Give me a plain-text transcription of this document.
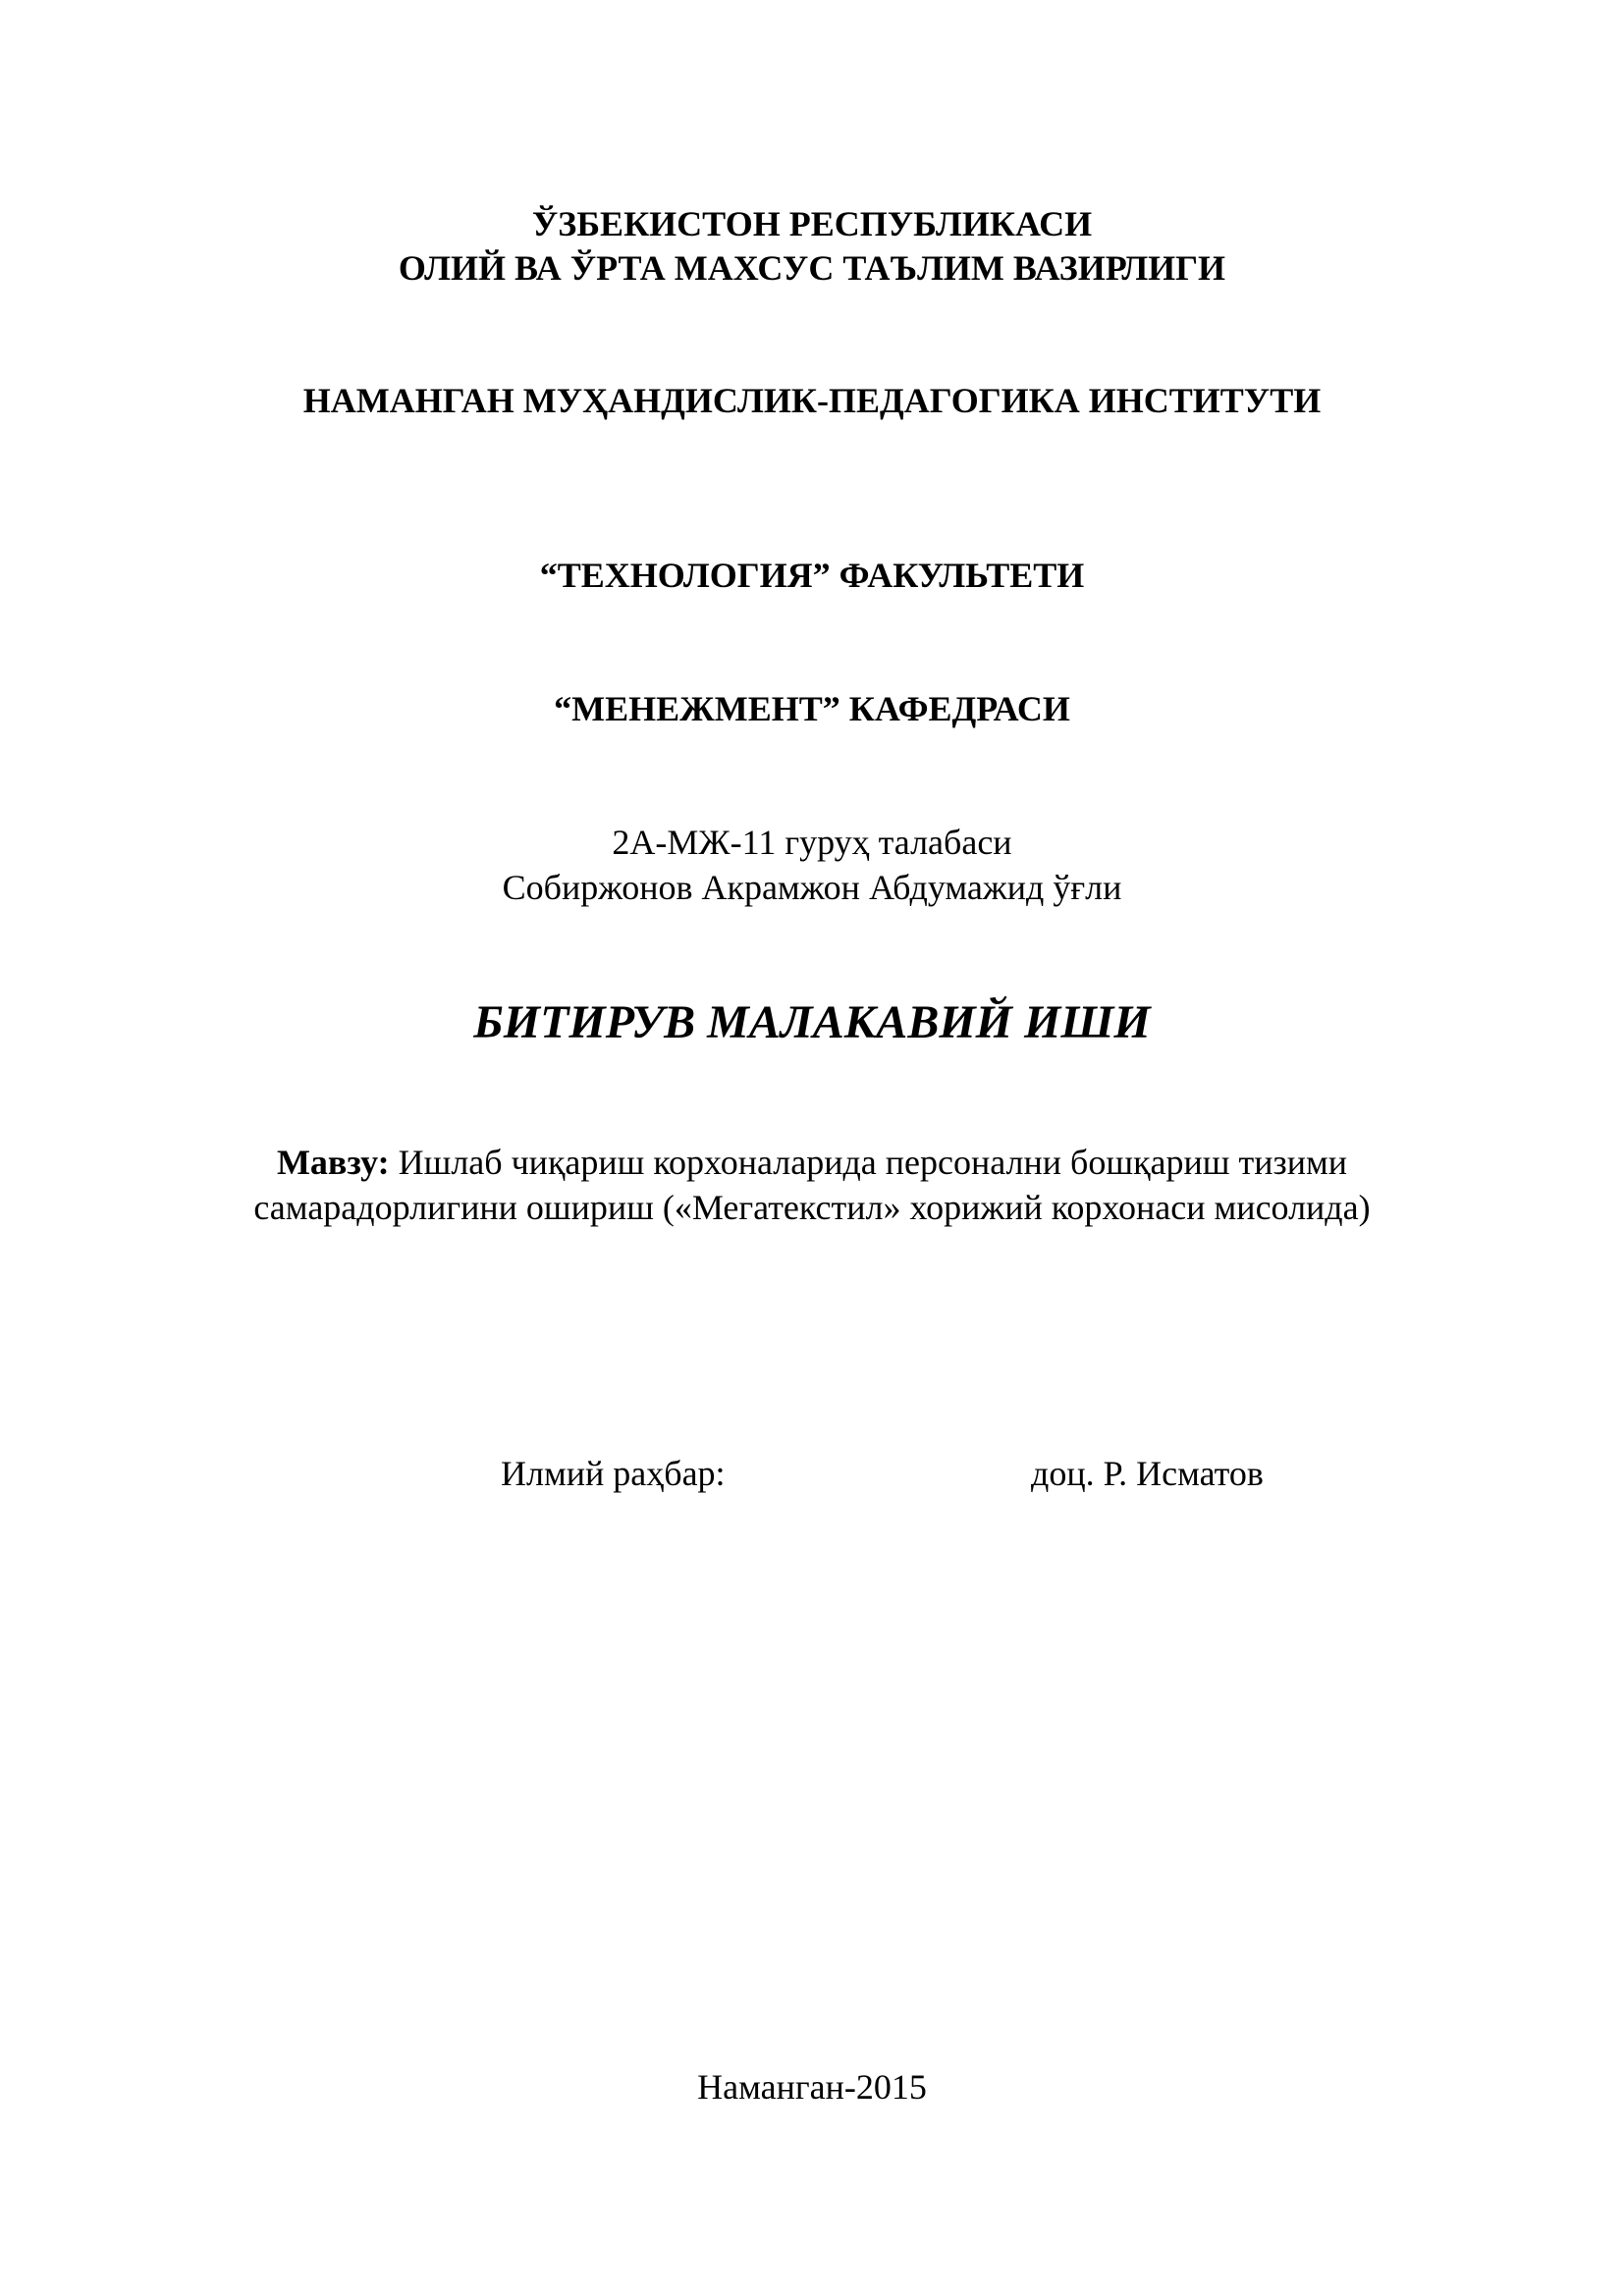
ЎЗБЕКИСТОН РЕСПУБЛИКАСИ
ОЛИЙ ВА ЎРТА МАХСУС ТАЪЛИМ ВАЗИРЛИГИ
НАМАНГАН МУҲАНДИСЛИК-ПЕДАГОГИКА ИНСТИТУТИ
“ТЕХНОЛОГИЯ” ФАКУЛЬТЕТИ
“МЕНЕЖМЕНТ” КАФЕДРАСИ
2А-МЖ-11 гуруҳ талабаси
Собиржонов Акрамжон Абдумажид ўғли
БИТИРУВ МАЛАКАВИЙ ИШИ
Мавзу: Ишлаб чиқариш корхоналарида персонални бошқариш тизими
самарадорлигини ошириш («Мегатекстил» хорижий корхонаси мисолида)
Илмий раҳбар:	доц. Р. Исматов
Наманган-2015
